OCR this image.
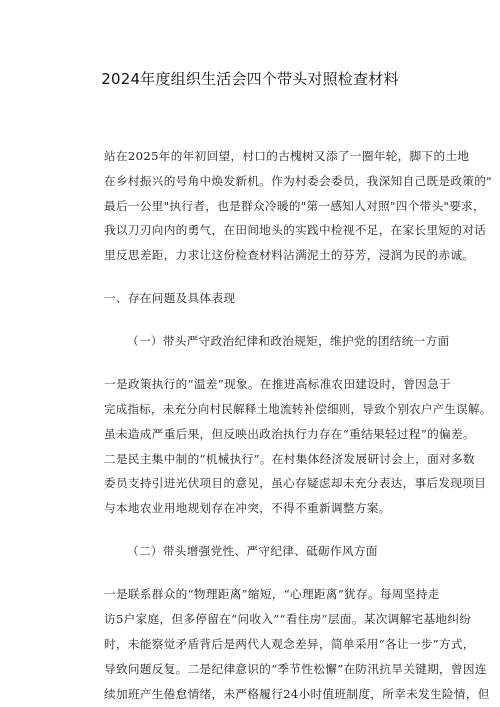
2024年度组织生活会四个带头对照检查材料
站在2025年的年初回望，村口的古槐树又添了一圈年轮，脚下的土地
在乡村振兴的号角中焕发新机。作为村委会委员，我深知自己既是政策的"
最后一公里"执行者，也是群众冷暖的"第一感知人对照"四个带头"要求，
我以刀刃向内的勇气，在田间地头的实践中检视不足，在家长里短的对话
里反思差距，力求让这份检查材料沾满泥土的芬芳，浸润为民的赤诚。
一、存在问题及具体表现
（一）带头严守政治纪律和政治规矩，维护党的团结统一方面
一是政策执行的“温差”现象。在推进高标准农田建设时，曾因急于
完成指标，未充分向村民解释土地流转补偿细则，导致个别农户产生误解。
虽未造成严重后果，但反映出政治执行力存在“重结果轻过程”的偏差。
二是民主集中制的“机械执行”。在村集体经济发展研讨会上，面对多数
委员支持引进光伏项目的意见，虽心存疑虑却未充分表达，事后发现项目
与本地农业用地规划存在冲突，不得不重新调整方案。
（二）带头增强党性、严守纪律、砥砺作风方面
一是联系群众的“物理距离”缩短，“心理距离”犹存。每周坚持走
访5户家庭，但多停留在“问收入”“看住房”层面。某次调解宅基地纠纷
时，未能察觉矛盾背后是两代人观念差异，简单采用“各让一步”方式，
导致问题反复。二是纪律意识的“季节性松懈”在防汛抗旱关键期，曾因连
续加班产生倦怠情绪，未严格履行24小时值班制度，所幸未发生险情，但
